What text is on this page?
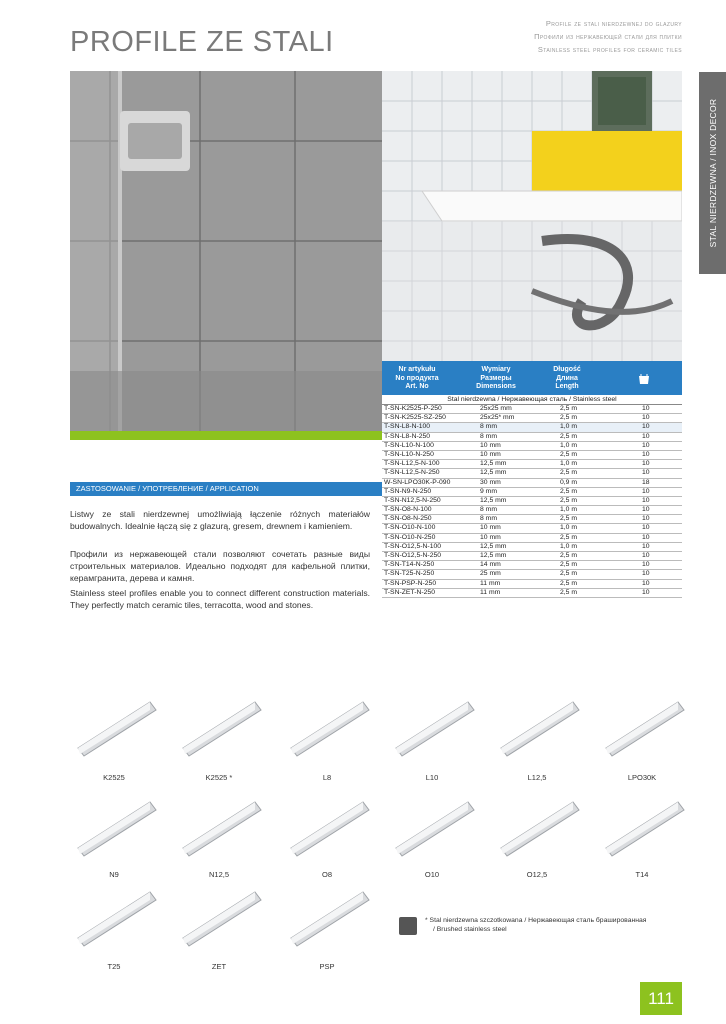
PROFILE ZE STALI
Profile ze stali nierdzewnej do glazury
Профили из нержавеющей стали для плитки
Stainless steel profiles for ceramic tiles
STAL NIERDZEWNA / INOX DECOR
ZASTOSOWANIE / УПОТРЕБЛЕНИЕ / APPLICATION
Listwy ze stali nierdzewnej umożliwiają łączenie różnych materiałów budowalnych. Idealnie łączą się z glazurą, gresem, drewnem i kamieniem.
Профили из нержавеющей стали позволяют сочетать разные виды строительных материалов. Идеально подходят для кафельной плитки, керамгранита, дерева и камня.
Stainless steel profiles enable you to connect different construction materials. They perfectly match ceramic tiles, terracotta, wood and stones.
Nr artykułu
No продукта
Art. No
Wymiary
Размеры
Dimensions
Długość
Длина
Length
Stal nierdzewna / Нержавеющая сталь / Stainless steel
T-SN-K2525-P-250	25x25 mm	2,5 m	10
T-SN-K2525-SZ-250	25x25* mm	2,5 m	10
T-SN-L8-N-100	8 mm	1,0 m	10
T-SN-L8-N-250	8 mm	2,5 m	10
T-SN-L10-N-100	10 mm	1,0 m	10
T-SN-L10-N-250	10 mm	2,5 m	10
T-SN-L12,5-N-100	12,5 mm	1,0 m	10
T-SN-L12,5-N-250	12,5 mm	2,5 m	10
W-SN-LPO30K-P-090	30 mm	0,9 m	18
T-SN-N9-N-250	9 mm	2,5 m	10
T-SN-N12,5-N-250	12,5 mm	2,5 m	10
T-SN-O8-N-100	8 mm	1,0 m	10
T-SN-O8-N-250	8 mm	2,5 m	10
T-SN-O10-N-100	10 mm	1,0 m	10
T-SN-O10-N-250	10 mm	2,5 m	10
T-SN-O12,5-N-100	12,5 mm	1,0 m	10
T-SN-O12,5-N-250	12,5 mm	2,5 m	10
T-SN-T14-N-250	14 mm	2,5 m	10
T-SN-T25-N-250	25 mm	2,5 m	10
T-SN-PSP-N-250	11 mm	2,5 m	10
T-SN-ZET-N-250	11 mm	2,5 m	10
K2525	K2525 *	L8	L10	L12,5	LPO30K
N9	N12,5	O8	O10	O12,5	T14
T25	ZET	PSP
* Stal nierdzewna szczotkowana / Нержавеющая сталь брашированная
/ Brushed stainless steel
111
